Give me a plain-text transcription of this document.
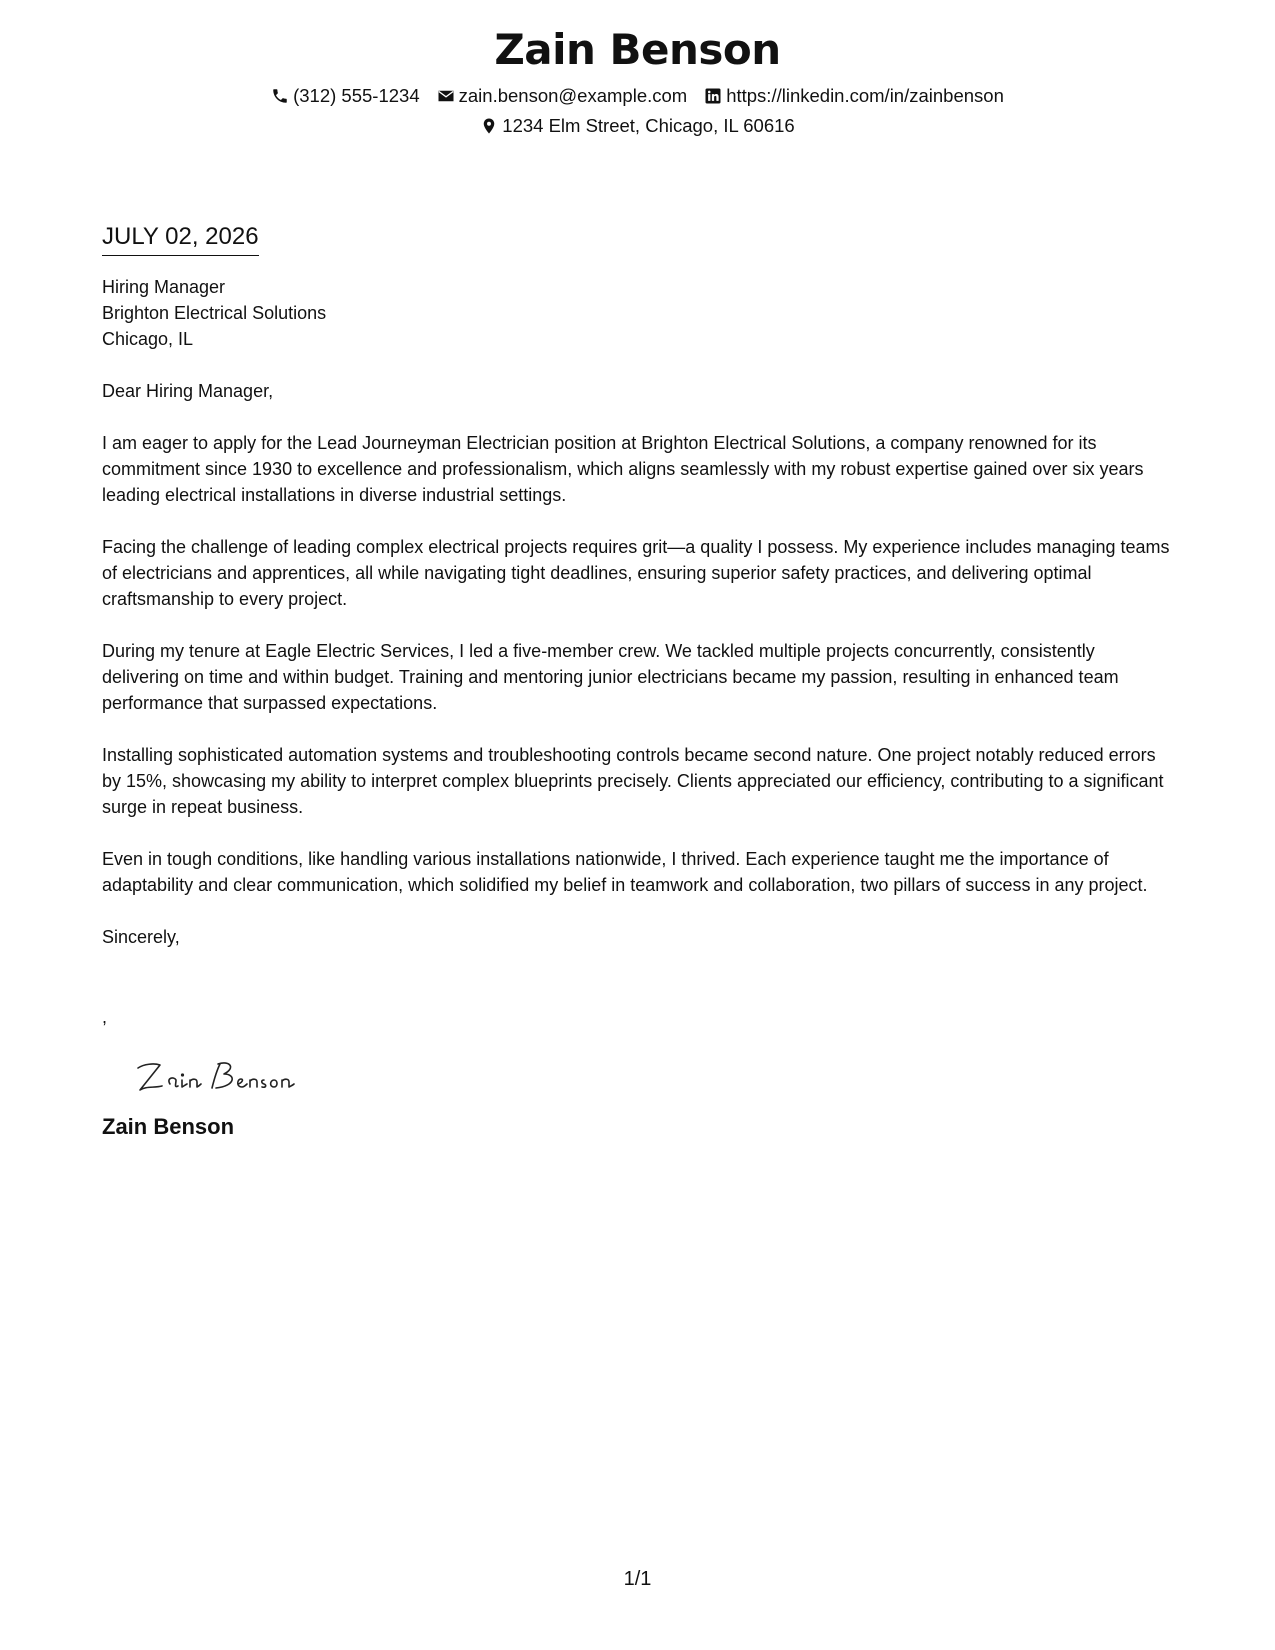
Zain Benson
(312) 555-1234 zain.benson@example.com https://linkedin.com/in/zainbenson
1234 Elm Street, Chicago, IL 60616
JULY 02, 2026
Hiring Manager
Brighton Electrical Solutions
Chicago, IL

Dear Hiring Manager,

I am eager to apply for the Lead Journeyman Electrician position at Brighton Electrical Solutions, a company renowned for its commitment since 1930 to excellence and professionalism, which aligns seamlessly with my robust expertise gained over six years leading electrical installations in diverse industrial settings.

Facing the challenge of leading complex electrical projects requires grit—a quality I possess. My experience includes managing teams of electricians and apprentices, all while navigating tight deadlines, ensuring superior safety practices, and delivering optimal craftsmanship to every project.

During my tenure at Eagle Electric Services, I led a five-member crew. We tackled multiple projects concurrently, consistently delivering on time and within budget. Training and mentoring junior electricians became my passion, resulting in enhanced team performance that surpassed expectations.

Installing sophisticated automation systems and troubleshooting controls became second nature. One project notably reduced errors by 15%, showcasing my ability to interpret complex blueprints precisely. Clients appreciated our efficiency, contributing to a significant surge in repeat business.

Even in tough conditions, like handling various installations nationwide, I thrived. Each experience taught me the importance of adaptability and clear communication, which solidified my belief in teamwork and collaboration, two pillars of success in any project.

Sincerely,

,
Zain Benson
1/1
